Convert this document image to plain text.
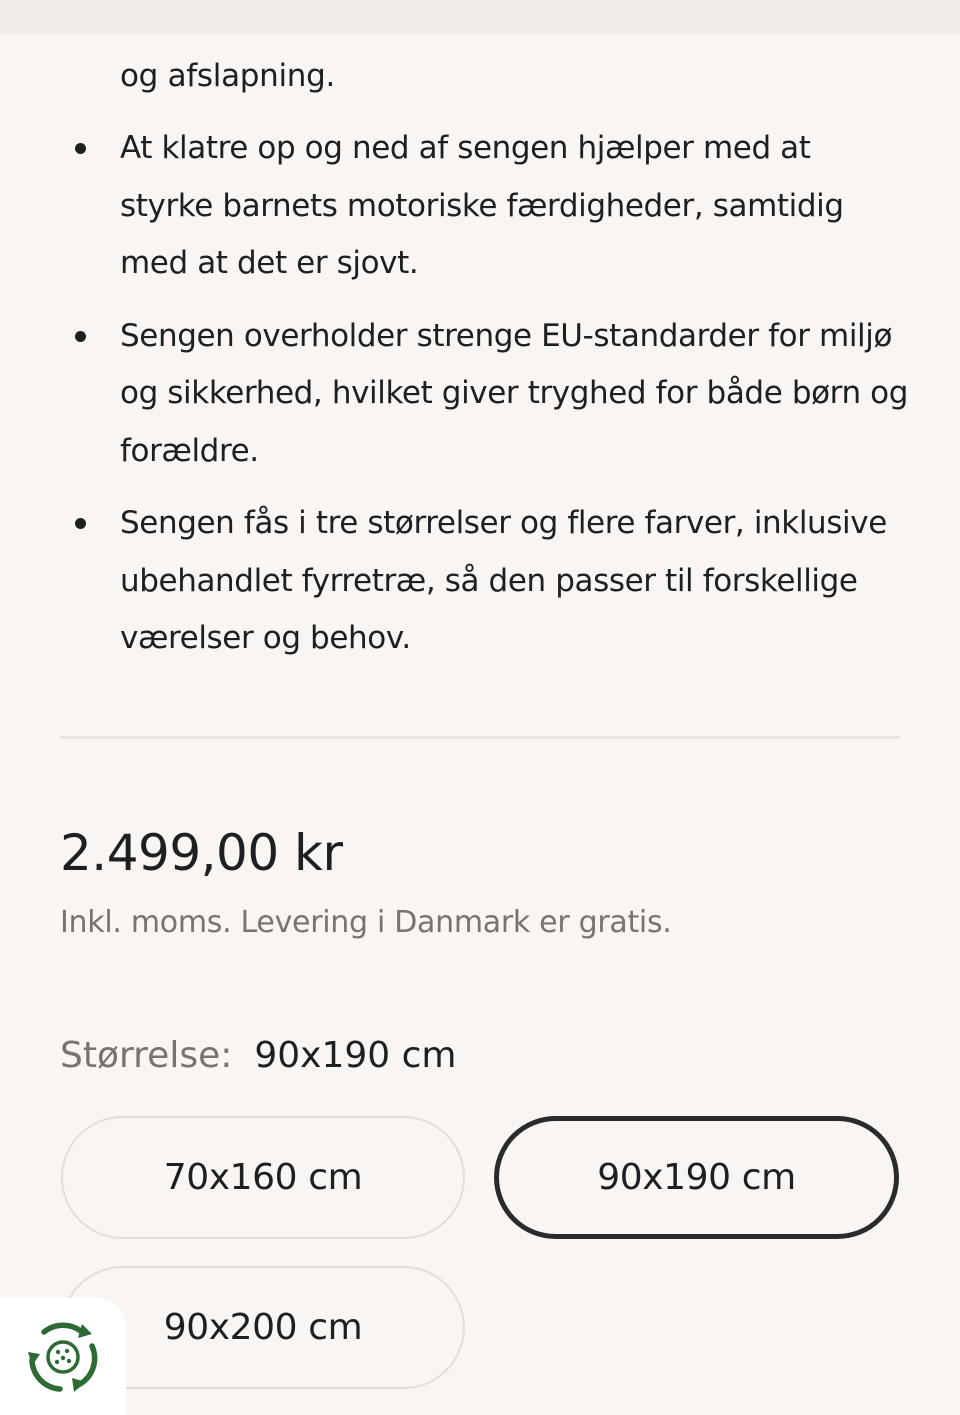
og afslapning.
At klatre op og ned af sengen hjælper med at styrke barnets motoriske færdigheder, samtidig med at det er sjovt.
Sengen overholder strenge EU-standarder for miljø og sikkerhed, hvilket giver tryghed for både børn og forældre.
Sengen fås i tre størrelser og flere farver, inklusive ubehandlet fyrretræ, så den passer til forskellige værelser og behov.
2.499,00 kr
Inkl. moms. Levering i Danmark er gratis.
Størrelse: 90x190 cm
70x160 cm	90x190 cm
90x200 cm
